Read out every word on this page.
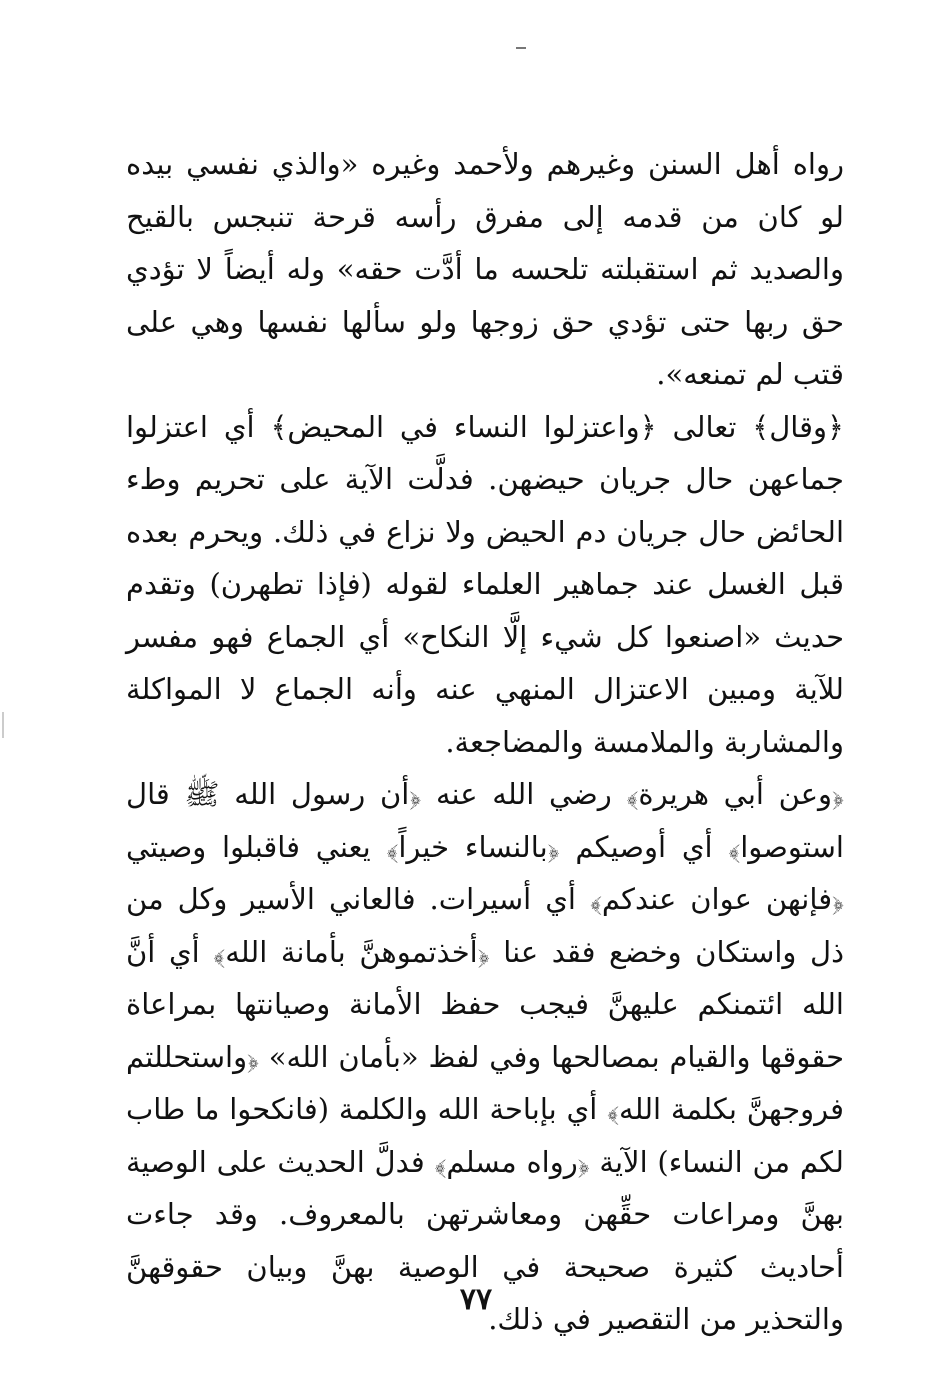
رواه أهل السنن وغيرهم ولأحمد وغيره «والذي نفسي بيده لو كان من قدمه إلى مفرق رأسه قرحة تنبجس بالقيح والصديد ثم استقبلته تلحسه ما أدَّت حقه» وله أيضاً لا تؤدي حق ربها حتى تؤدي حق زوجها ولو سألها نفسها وهي على قتب لم تمنعه».

﴿وقال﴾ تعالى ﴿واعتزلوا النساء في المحيض﴾ أي اعتزلوا جماعهن حال جريان حيضهن. فدلَّت الآية على تحريم وطء الحائض حال جريان دم الحيض ولا نزاع في ذلك. ويحرم بعده قبل الغسل عند جماهير العلماء لقوله (فإذا تطهرن) وتقدم حديث «اصنعوا كل شيء إلَّا النكاح» أي الجماع فهو مفسر للآية ومبين الاعتزال المنهي عنه وأنه الجماع لا المواكلة والمشاربة والملامسة والمضاجعة.

﴿وعن أبي هريرة﴾ رضي الله عنه ﴿أن رسول الله ﷺ قال استوصوا﴾ أي أوصيكم ﴿بالنساء خيراً﴾ يعني فاقبلوا وصيتي ﴿فإنهن عوان عندكم﴾ أي أسيرات. فالعاني الأسير وكل من ذل واستكان وخضع فقد عنا ﴿أخذتموهنَّ بأمانة الله﴾ أي أنَّ الله ائتمنكم عليهنَّ فيجب حفظ الأمانة وصيانتها بمراعاة حقوقها والقيام بمصالحها وفي لفظ «بأمان الله» ﴿واستحللتم فروجهنَّ بكلمة الله﴾ أي بإباحة الله والكلمة (فانكحوا ما طاب لكم من النساء) الآية ﴿رواه مسلم﴾ فدلَّ الحديث على الوصية بهنَّ ومراعات حقِّهن ومعاشرتهن بالمعروف. وقد جاءت أحاديث كثيرة صحيحة في الوصية بهنَّ وبيان حقوقهنَّ والتحذير من التقصير في ذلك.

٧٧
